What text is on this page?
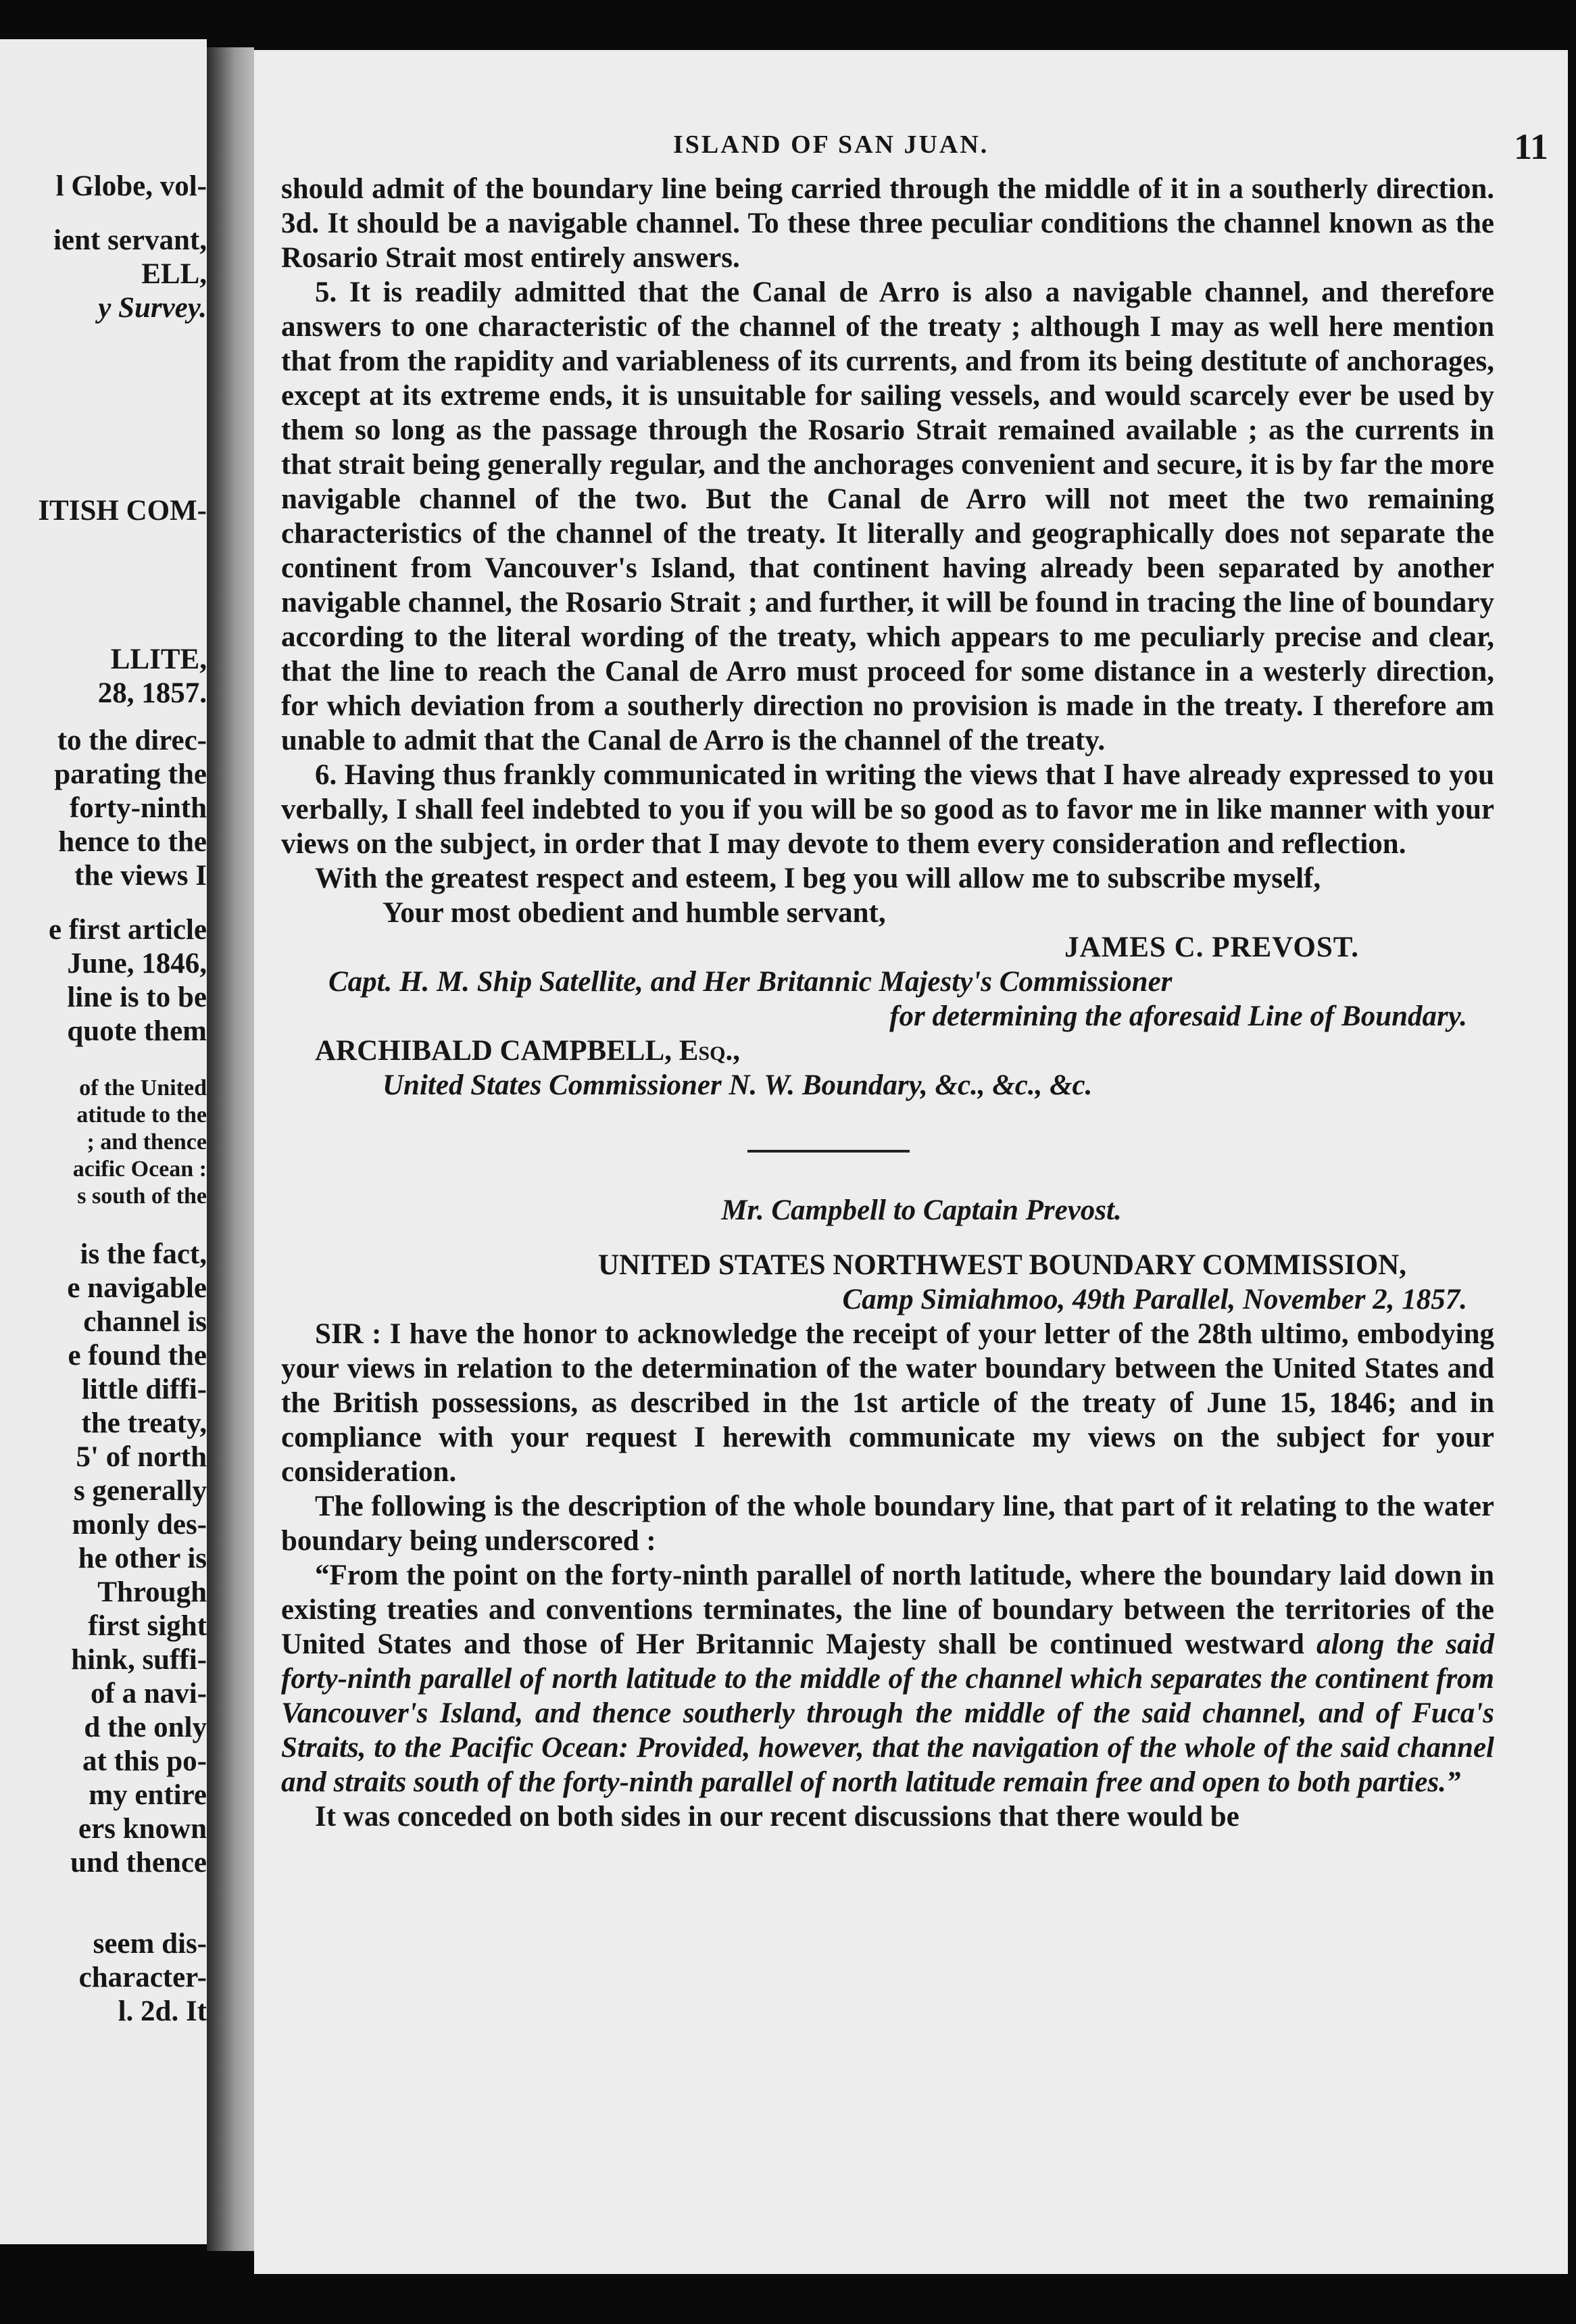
l Globe, vol-
ient servant,
ELL,
y Survey.
ITISH COM-
LLITE,
28, 1857.
to the direc-
parating the
forty-ninth
hence to the
the views I
e first article
June, 1846,
line is to be
quote them
of the United
atitude to the
; and thence
acific Ocean :
s south of the
is the fact,
e navigable
channel is
e found the
little diffi-
the treaty,
5' of north
s generally
monly des-
he other is
Through
first sight
hink, suffi-
of a navi-
d the only
at this po-
my entire
ers known
und thence
seem dis-
character-
l. 2d. It
ISLAND OF SAN JUAN.	11

should admit of the boundary line being carried through the middle of it in a southerly direction. 3d. It should be a navigable channel. To these three peculiar conditions the channel known as the Rosario Strait most entirely answers.

5. It is readily admitted that the Canal de Arro is also a navigable channel, and therefore answers to one characteristic of the channel of the treaty ; although I may as well here mention that from the rapidity and variableness of its currents, and from its being destitute of anchorages, except at its extreme ends, it is unsuitable for sailing vessels, and would scarcely ever be used by them so long as the passage through the Rosario Strait remained available ; as the currents in that strait being generally regular, and the anchorages convenient and secure, it is by far the more navigable channel of the two. But the Canal de Arro will not meet the two remaining characteristics of the channel of the treaty. It literally and geographically does not separate the continent from Vancouver's Island, that continent having already been separated by another navigable channel, the Rosario Strait ; and further, it will be found in tracing the line of boundary according to the literal wording of the treaty, which appears to me peculiarly precise and clear, that the line to reach the Canal de Arro must proceed for some distance in a westerly direction, for which deviation from a southerly direction no provision is made in the treaty. I therefore am unable to admit that the Canal de Arro is the channel of the treaty.

6. Having thus frankly communicated in writing the views that I have already expressed to you verbally, I shall feel indebted to you if you will be so good as to favor me in like manner with your views on the subject, in order that I may devote to them every consideration and reflection.

With the greatest respect and esteem, I beg you will allow me to subscribe myself,

Your most obedient and humble servant,

JAMES C. PREVOST.

Capt. H. M. Ship Satellite, and Her Britannic Majesty's Commissioner

for determining the aforesaid Line of Boundary.

ARCHIBALD CAMPBELL, Esq.,

United States Commissioner N. W. Boundary, &c., &c., &c.

Mr. Campbell to Captain Prevost.

UNITED STATES NORTHWEST BOUNDARY COMMISSION,

Camp Simiahmoo, 49th Parallel, November 2, 1857.

SIR : I have the honor to acknowledge the receipt of your letter of the 28th ultimo, embodying your views in relation to the determination of the water boundary between the United States and the British possessions, as described in the 1st article of the treaty of June 15, 1846; and in compliance with your request I herewith communicate my views on the subject for your consideration.

The following is the description of the whole boundary line, that part of it relating to the water boundary being underscored :

“From the point on the forty-ninth parallel of north latitude, where the boundary laid down in existing treaties and conventions terminates, the line of boundary between the territories of the United States and those of Her Britannic Majesty shall be continued westward along the said forty-ninth parallel of north latitude to the middle of the channel which separates the continent from Vancouver's Island, and thence southerly through the middle of the said channel, and of Fuca's Straits, to the Pacific Ocean: Provided, however, that the navigation of the whole of the said channel and straits south of the forty-ninth parallel of north latitude remain free and open to both parties.”

It was conceded on both sides in our recent discussions that there would be
